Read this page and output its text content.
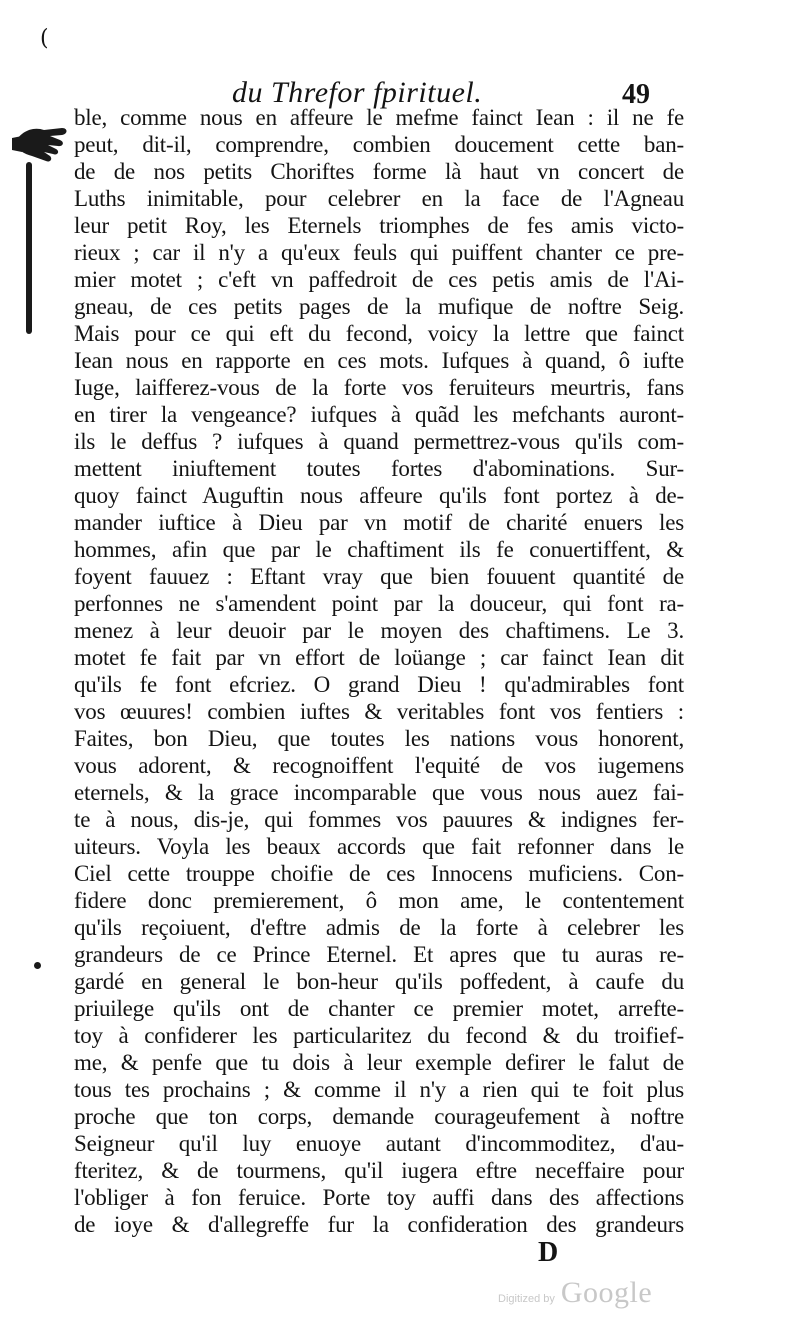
(
du Threfor fpirituel.	49
ble, comme nous en affeure le mefme fainct Iean : il ne fe
peut, dit-il, comprendre, combien doucement cette ban-
de de nos petits Choriftes forme là haut vn concert de
Luths inimitable, pour celebrer en la face de l'Agneau
leur petit Roy, les Eternels triomphes de fes amis victo-
rieux ; car il n'y a qu'eux feuls qui puiffent chanter ce pre-
mier motet ; c'eft vn paffedroit de ces petis amis de l'Ai-
gneau, de ces petits pages de la mufique de noftre Seig.
Mais pour ce qui eft du fecond, voicy la lettre que fainct
Iean nous en rapporte en ces mots. Iufques à quand, ô iufte
Iuge, laifferez-vous de la forte vos feruiteurs meurtris, fans
en tirer la vengeance? iufques à quãd les mefchants auront-
ils le deffus ? iufques à quand permettrez-vous qu'ils com-
mettent iniuftement toutes fortes d'abominations. Sur-
quoy fainct Auguftin nous affeure qu'ils font portez à de-
mander iuftice à Dieu par vn motif de charité enuers les
hommes, afin que par le chaftiment ils fe conuertiffent, &
foyent fauuez : Eftant vray que bien fouuent quantité de
perfonnes ne s'amendent point par la douceur, qui font ra-
menez à leur deuoir par le moyen des chaftimens. Le 3.
motet fe fait par vn effort de loüange ; car fainct Iean dit
qu'ils fe font efcriez. O grand Dieu ! qu'admirables font
vos œuures! combien iuftes & veritables font vos fentiers :
Faites, bon Dieu, que toutes les nations vous honorent,
vous adorent, & recognoiffent l'equité de vos iugemens
eternels, & la grace incomparable que vous nous auez fai-
te à nous, dis-je, qui fommes vos pauures & indignes fer-
uiteurs. Voyla les beaux accords que fait refonner dans le
Ciel cette trouppe choifie de ces Innocens muficiens. Con-
fidere donc premierement, ô mon ame, le contentement
qu'ils reçoiuent, d'eftre admis de la forte à celebrer les
grandeurs de ce Prince Eternel. Et apres que tu auras re-
gardé en general le bon-heur qu'ils poffedent, à caufe du
priuilege qu'ils ont de chanter ce premier motet, arrefte-
toy à confiderer les particularitez du fecond & du troifief-
me, & penfe que tu dois à leur exemple defirer le falut de
tous tes prochains ; & comme il n'y a rien qui te foit plus
proche que ton corps, demande courageufement à noftre
Seigneur qu'il luy enuoye autant d'incommoditez, d'au-
fteritez, & de tourmens, qu'il iugera eftre neceffaire pour
l'obliger à fon feruice. Porte toy auffi dans des affections
de ioye & d'allegreffe fur la confideration des grandeurs
D
Digitized by Google
